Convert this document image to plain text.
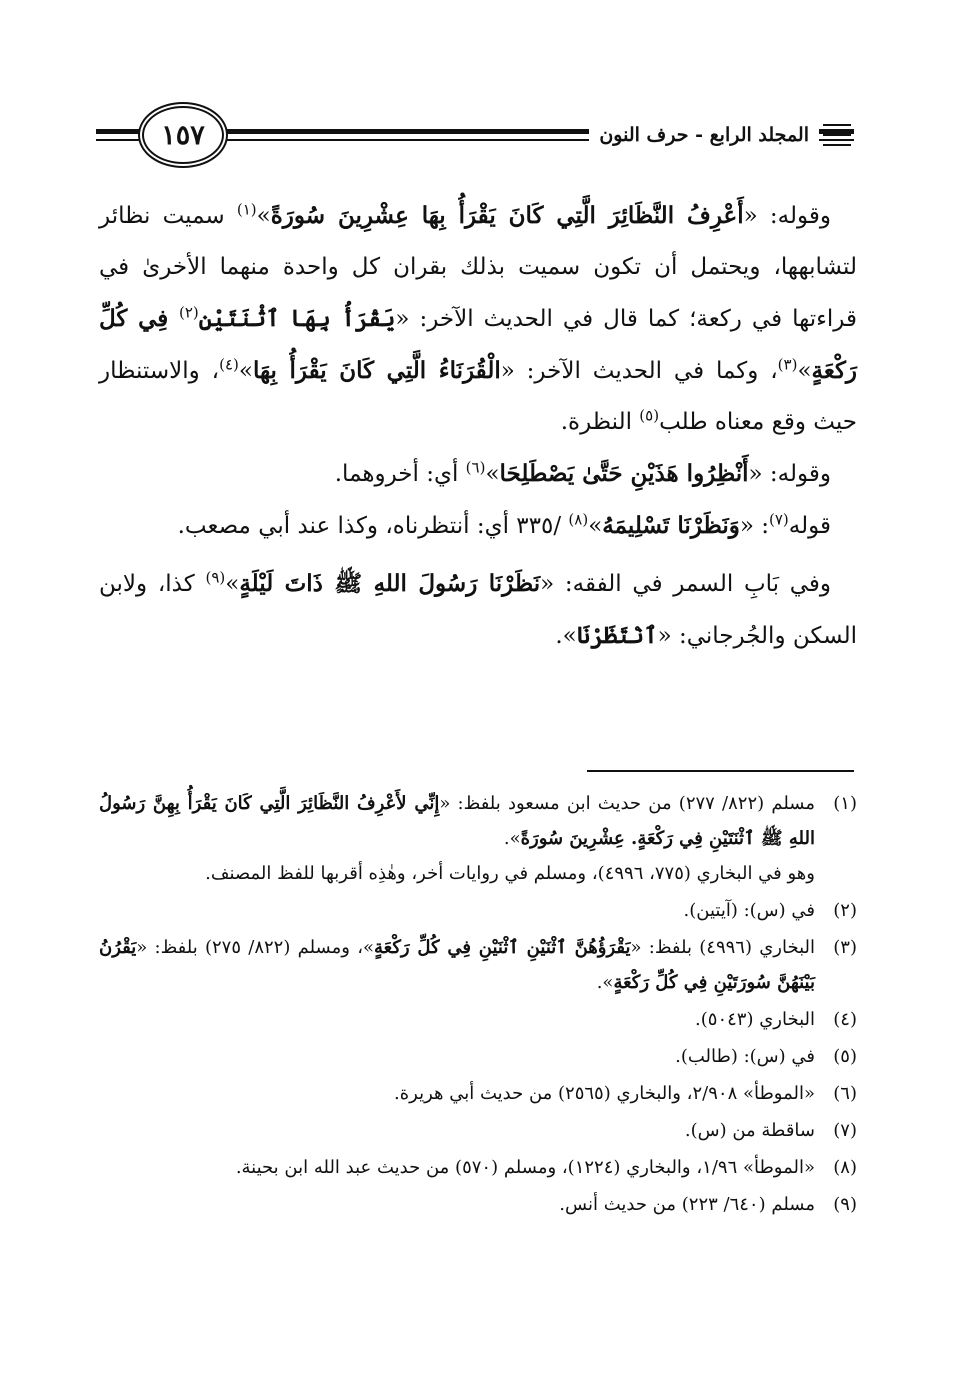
المجلد الرابع - حرف النون
١٥٧

وقوله: «أَعْرِفُ النَّظَائِرَ الَّتِي كَانَ يَقْرَأُ بِهَا عِشْرِينَ سُورَةً»$^{(١)}$ سميت نظائر لتشابهها، ويحتمل أن تكون سميت بذلك بقران كل واحدة منهما الأخرىٰ في قراءتها في ركعة؛ كما قال في الحديث الآخر: «يَقْرَأُ بِهَا ٱثْنَتَيْنِ$^{(٢)}$ فِي كُلِّ رَكْعَةٍ»$^{(٣)}$، وكما في الحديث الآخر: «الْقُرَنَاءُ الَّتِي كَانَ يَقْرَأُ بِهَا»$^{(٤)}$، والاستنظار حيث وقع معناه طلب$^{(٥)}$ النظرة.

وقوله: «أَنْظِرُوا هَذَيْنِ حَتَّىٰ يَصْطَلِحَا»$^{(٦)}$ أي: أخروهما.

قوله$^{(٧)}$: «وَنَظَرْنَا تَسْلِيمَهُ»$^{(٨)}$ /٣٣٥ أي: أنتظرناه، وكذا عند أبي مصعب.

وفي بَابِ السمر في الفقه: «نَظَرْنَا رَسُولَ اللهِ ﷺ ذَاتَ لَيْلَةٍ»$^{(٩)}$ كذا، ولابن السكن والجُرجاني: «ٱنْتَظَرْنَا».

(١)

مسلم (٨٢٢/ ٢٧٧) من حديث ابن مسعود بلفظ: «إِنِّي لأَعْرِفُ النَّظَائِرَ الَّتِي كَانَ يَقْرَأُ بِهِنَّ رَسُولُ اللهِ ﷺ ٱثْنَتَيْنِ فِي رَكْعَةٍ. عِشْرِينَ سُورَةً».

وهو في البخاري (٧٧٥، ٤٩٩٦)، ومسلم في روايات أخر، وهٰذِه أقربها للفظ المصنف.

(٢)
في (س): (آيتين).
(٣)
البخاري (٤٩٩٦) بلفظ: «يَقْرَؤُهُنَّ ٱثْنَيْنِ ٱثْنَيْنِ فِي كُلِّ رَكْعَةٍ»، ومسلم (٨٢٢/ ٢٧٥) بلفظ: «يَقْرُنُ بَيْنَهُنَّ سُورَتَيْنِ فِي كُلِّ رَكْعَةٍ».
(٤)
البخاري (٥٠٤٣).
(٥)
في (س): (طالب).
(٦)
«الموطأ» ٢/٩٠٨، والبخاري (٢٥٦٥) من حديث أبي هريرة.
(٧)
ساقطة من (س).
(٨)
«الموطأ» ١/٩٦، والبخاري (١٢٢٤)، ومسلم (٥٧٠) من حديث عبد الله ابن بحينة.
(٩)
مسلم (٦٤٠/ ٢٢٣) من حديث أنس.
